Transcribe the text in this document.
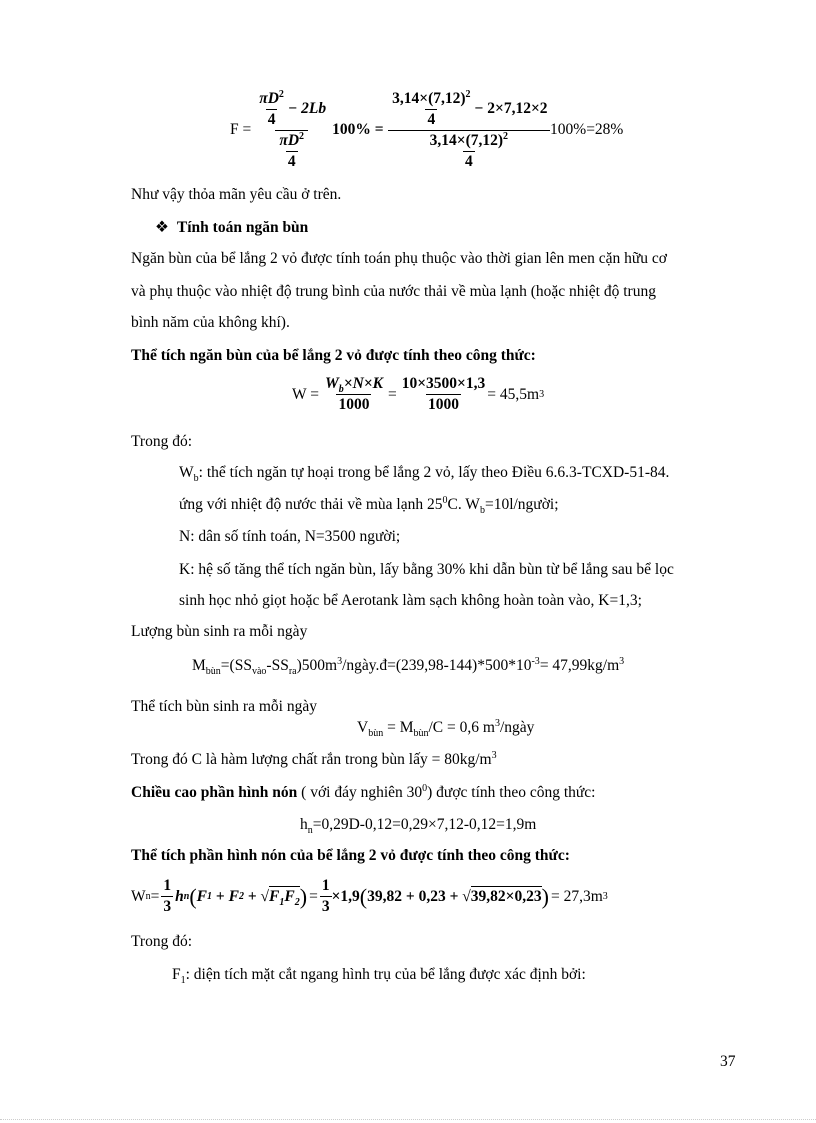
$F = \frac{\frac{\pi D^2}{4} - 2Lb}{\frac{\pi D^2}{4}} 100\% = \frac{\frac{3,14\times(7,12)^2}{4} - 2\times 7,12\times 2}{\frac{3,14\times(7,12)^2}{4}} 100\%=28\%$
Như vậy thỏa mãn yêu cầu ở trên.
❖ Tính toán ngăn bùn
Ngăn bùn của bể lắng 2 vỏ được tính toán phụ thuộc vào thời gian lên men cặn hữu cơ
và phụ thuộc vào nhiệt độ trung bình của nước thải về mùa lạnh (hoặc nhiệt độ trung
bình năm của không khí).
Thể tích ngăn bùn của bể lắng 2 vỏ được tính theo công thức:
$W = \frac{W_b\times N\times K}{1000} = \frac{10\times 3500\times 1,3}{1000} = 45,5m$ 3
Trong đó:
$W_b$: thể tích ngăn tự hoại trong bể lắng 2 vỏ, lấy theo Điều 6.6.3-TCXD-51-84.
ứng với nhiệt độ nước thải về mùa lạnh $25^0C$. $W_b=10l$/người;
N: dân số tính toán, N=3500 người;
K: hệ số tăng thể tích ngăn bùn, lấy bằng 30% khi dẫn bùn từ bể lắng sau bể lọc
sinh học nhỏ giọt hoặc bể Aerotank làm sạch không hoàn toàn vào, K=1,3;
Lượng bùn sinh ra mỗi ngày
$M_{bùn}=(SS_{vào}-SS_{ra})500m^3/ngày.đ=(239,98-144)*500*10^{-3}= 47,99kg/m^3$
Thể tích bùn sinh ra mỗi ngày
$V_{bùn} = M_{bùn}/C = 0,6$ $m^3$/ngày
Trong đó C là hàm lượng chất rắn trong bùn lấy = $80kg/m^3$
Chiều cao phần hình nón ( với đáy nghiên $30^0$) được tính theo công thức:
$h_n=0,29D-0,12=0,29\times 7,12-0,12=1,9m$
Thể tích phần hình nón của bể lắng 2 vỏ được tính theo công thức:
W $n = \frac{1}{3}$ h n ( F 1 + F 2 + √ $F_1F_2$ ) = $\frac{1}{3} \times 1,9$ ( 39,82 + 0,23 + √ 39,82×0,23 ) = 27,3m 3
Trong đó:
$F_1$: diện tích mặt cắt ngang hình trụ của bể lắng được xác định bởi:
37
